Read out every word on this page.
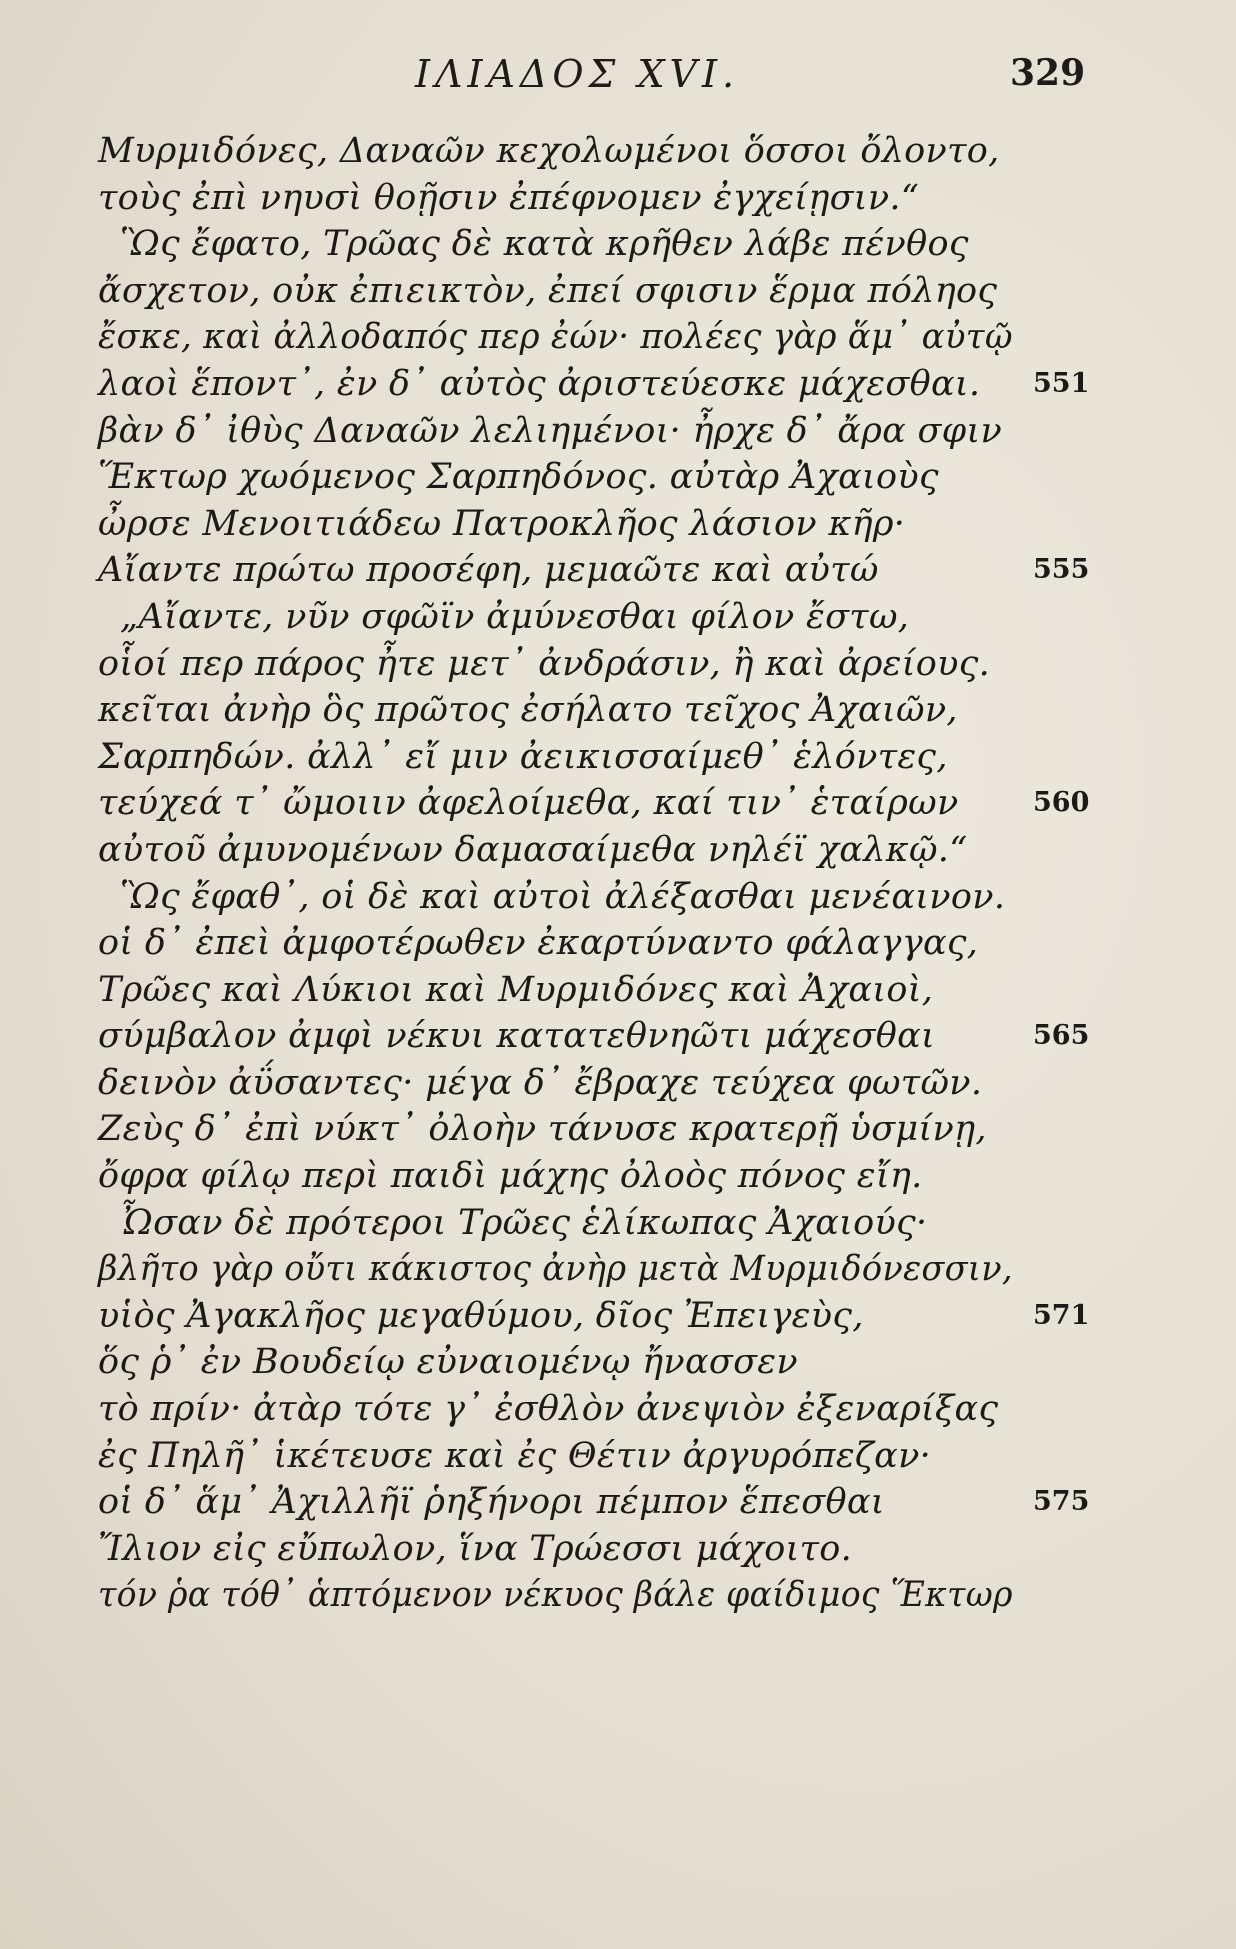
ΙΛΙΑΔΟΣ XVI.	329
Μυρμιδόνες, Δαναῶν κεχολωμένοι ὅσσοι ὄλοντο,
τοὺς ἐπὶ νηυσὶ θοῇσιν ἐπέφνομεν ἐγχείῃσιν.“
Ὣς ἔφατο, Τρῶας δὲ κατὰ κρῆθεν λάβε πένθος
ἄσχετον, οὐκ ἐπιεικτὸν, ἐπεί σφισιν ἕρμα πόληος
ἔσκε, καὶ ἀλλοδαπός περ ἐών· πολέες γὰρ ἅμ᾽ αὐτῷ
λαοὶ ἕποντ᾽, ἐν δ᾽ αὐτὸς ἀριστεύεσκε μάχεσθαι. 551
βὰν δ᾽ ἰθὺς Δαναῶν λελιημένοι· ἦρχε δ᾽ ἄρα σφιν
Ἕκτωρ χωόμενος Σαρπηδόνος. αὐτὰρ Ἀχαιοὺς
ὦρσε Μενοιτιάδεω Πατροκλῆος λάσιον κῆρ·
Αἴαντε πρώτω προσέφη, μεμαῶτε καὶ αὐτώ	555
„Αἴαντε, νῦν σφῶϊν ἀμύνεσθαι φίλον ἔστω,
οἷοί περ πάρος ἦτε μετ᾽ ἀνδράσιν, ἢ καὶ ἀρείους.
κεῖται ἀνὴρ ὃς πρῶτος ἐσήλατο τεῖχος Ἀχαιῶν,
Σαρπηδών. ἀλλ᾽ εἴ μιν ἀεικισσαίμεθ᾽ ἑλόντες,
τεύχεά τ᾽ ὤμοιιν ἀφελοίμεθα, καί τιν᾽ ἑταίρων	560
αὐτοῦ ἀμυνομένων δαμασαίμεθα νηλέϊ χαλκῷ.“
Ὣς ἔφαθ᾽, οἱ δὲ καὶ αὐτοὶ ἀλέξασθαι μενέαινον.
οἱ δ᾽ ἐπεὶ ἀμφοτέρωθεν ἐκαρτύναντο φάλαγγας,
Τρῶες καὶ Λύκιοι καὶ Μυρμιδόνες καὶ Ἀχαιοὶ,
σύμβαλον ἀμφὶ νέκυι κατατεθνηῶτι μάχεσθαι	565
δεινὸν ἀΰσαντες· μέγα δ᾽ ἔβραχε τεύχεα φωτῶν.
Ζεὺς δ᾽ ἐπὶ νύκτ᾽ ὀλοὴν τάνυσε κρατερῇ ὑσμίνῃ,
ὄφρα φίλῳ περὶ παιδὶ μάχης ὀλοὸς πόνος εἴη.
Ὦσαν δὲ πρότεροι Τρῶες ἑλίκωπας Ἀχαιούς·
βλῆτο γὰρ οὔτι κάκιστος ἀνὴρ μετὰ Μυρμιδόνεσσιν,
υἱὸς Ἀγακλῆος μεγαθύμου, δῖος Ἐπειγεὺς,	571
ὅς ῥ᾽ ἐν Βουδείῳ εὐναιομένῳ ἤνασσεν
τὸ πρίν· ἀτὰρ τότε γ᾽ ἐσθλὸν ἀνεψιὸν ἐξεναρίξας
ἐς Πηλῆ᾽ ἱκέτευσε καὶ ἐς Θέτιν ἀργυρόπεζαν·
οἱ δ᾽ ἅμ᾽ Ἀχιλλῆϊ ῥηξήνορι πέμπον ἕπεσθαι	575
Ἴλιον εἰς εὔπωλον, ἵνα Τρώεσσι μάχοιτο.
τόν ῥα τόθ᾽ ἁπτόμενον νέκυος βάλε φαίδιμος Ἕκτωρ
